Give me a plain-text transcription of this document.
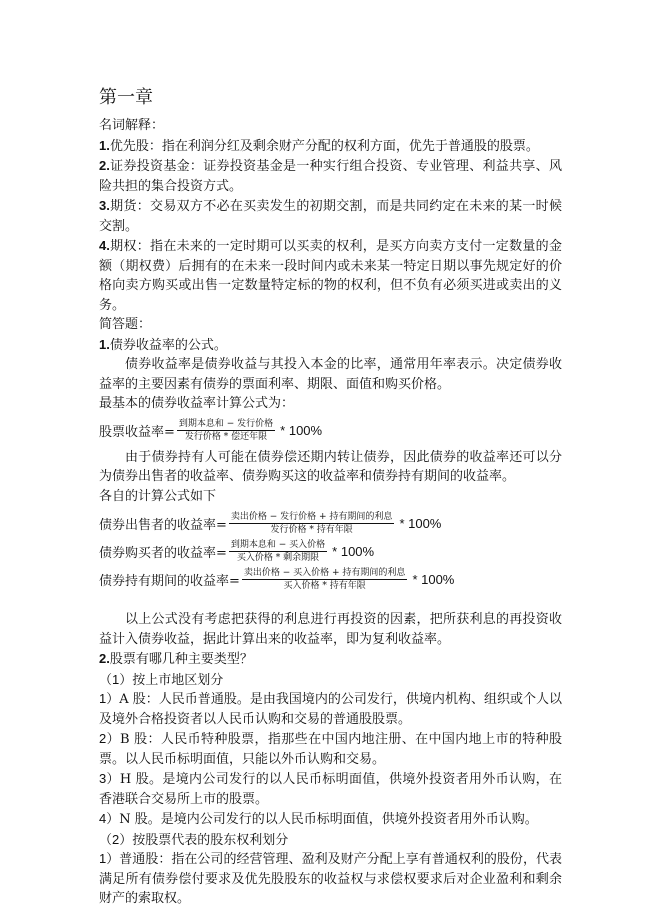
第一章

名词解释：

1.优先股：指在利润分红及剩余财产分配的权利方面，优先于普通股的股票。

2.证券投资基金：证券投资基金是一种实行组合投资、专业管理、利益共享、风险共担的集合投资方式。

3.期货：交易双方不必在买卖发生的初期交割，而是共同约定在未来的某一时候交割。

4.期权：指在未来的一定时期可以买卖的权利，是买方向卖方支付一定数量的金额（期权费）后拥有的在未来一段时间内或未来某一特定日期以事先规定好的价格向卖方购买或出售一定数量特定标的物的权利，但不负有必须买进或卖出的义务。

简答题：

1.债券收益率的公式。

债券收益率是债券收益与其投入本金的比率，通常用年率表示。决定债券收益率的主要因素有债券的票面利率、期限、面值和购买价格。

最基本的债券收益率计算公式为：

股票收益率= $\frac{\text{到期本息和 − 发行价格}}{\text{发行价格 * 偿还年限}} * 100\%$

由于债券持有人可能在债券偿还期内转让债券，因此债券的收益率还可以分为债券出售者的收益率、债券购买这的收益率和债券持有期间的收益率。

各自的计算公式如下

债券出售者的收益率= $\frac{\text{卖出价格 − 发行价格 + 持有期间的利息}}{\text{发行价格 * 持有年限}} * 100\%$
债券购买者的收益率= $\frac{\text{到期本息和 − 买入价格}}{\text{买入价格 * 剩余期限}} * 100\%$
债券持有期间的收益率= $\frac{\text{卖出价格 − 买入价格 + 持有期间的利息}}{\text{买入价格 * 持有年限}} * 100\%$

以上公式没有考虑把获得的利息进行再投资的因素，把所获利息的再投资收益计入债券收益，据此计算出来的收益率，即为复利收益率。

2.股票有哪几种主要类型？

（1）按上市地区划分

1）A 股：人民币普通股。是由我国境内的公司发行，供境内机构、组织或个人以及境外合格投资者以人民币认购和交易的普通股股票。

2）B 股：人民币特种股票，指那些在中国内地注册、在中国内地上市的特种股票。以人民币标明面值，只能以外币认购和交易。

3）H 股。是境内公司发行的以人民币标明面值，供境外投资者用外币认购，在香港联合交易所上市的股票。

4）N 股。是境内公司发行的以人民币标明面值，供境外投资者用外币认购。

（2）按股票代表的股东权利划分

1）普通股：指在公司的经营管理、盈利及财产分配上享有普通权利的股份，代表满足所有债券偿付要求及优先股股东的收益权与求偿权要求后对企业盈利和剩余财产的索取权。
